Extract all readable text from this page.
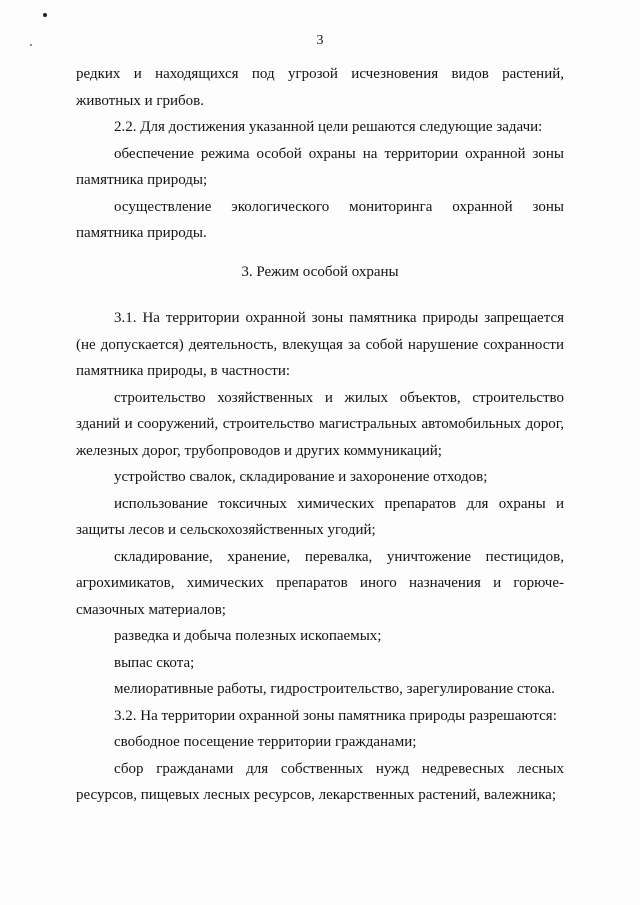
3

редких и находящихся под угрозой исчезновения видов растений, животных и грибов.

2.2. Для достижения указанной цели решаются следующие задачи:

обеспечение режима особой охраны на территории охранной зоны памятника природы;

осуществление экологического мониторинга охранной зоны памятника природы.

3. Режим особой охраны

3.1. На территории охранной зоны памятника природы запрещается (не допускается) деятельность, влекущая за собой нарушение сохранности памятника природы, в частности:

строительство хозяйственных и жилых объектов, строительство зданий и сооружений, строительство магистральных автомобильных дорог, железных дорог, трубопроводов и других коммуникаций;

устройство свалок, складирование и захоронение отходов;

использование токсичных химических препаратов для охраны и защиты лесов и сельскохозяйственных угодий;

складирование, хранение, перевалка, уничтожение пестицидов, агрохимикатов, химических препаратов иного назначения и горюче-смазочных материалов;

разведка и добыча полезных ископаемых;

выпас скота;

мелиоративные работы, гидростроительство, зарегулирование стока.

3.2. На территории охранной зоны памятника природы разрешаются:

свободное посещение территории гражданами;

сбор гражданами для собственных нужд недревесных лесных ресурсов, пищевых лесных ресурсов, лекарственных растений, валежника;
